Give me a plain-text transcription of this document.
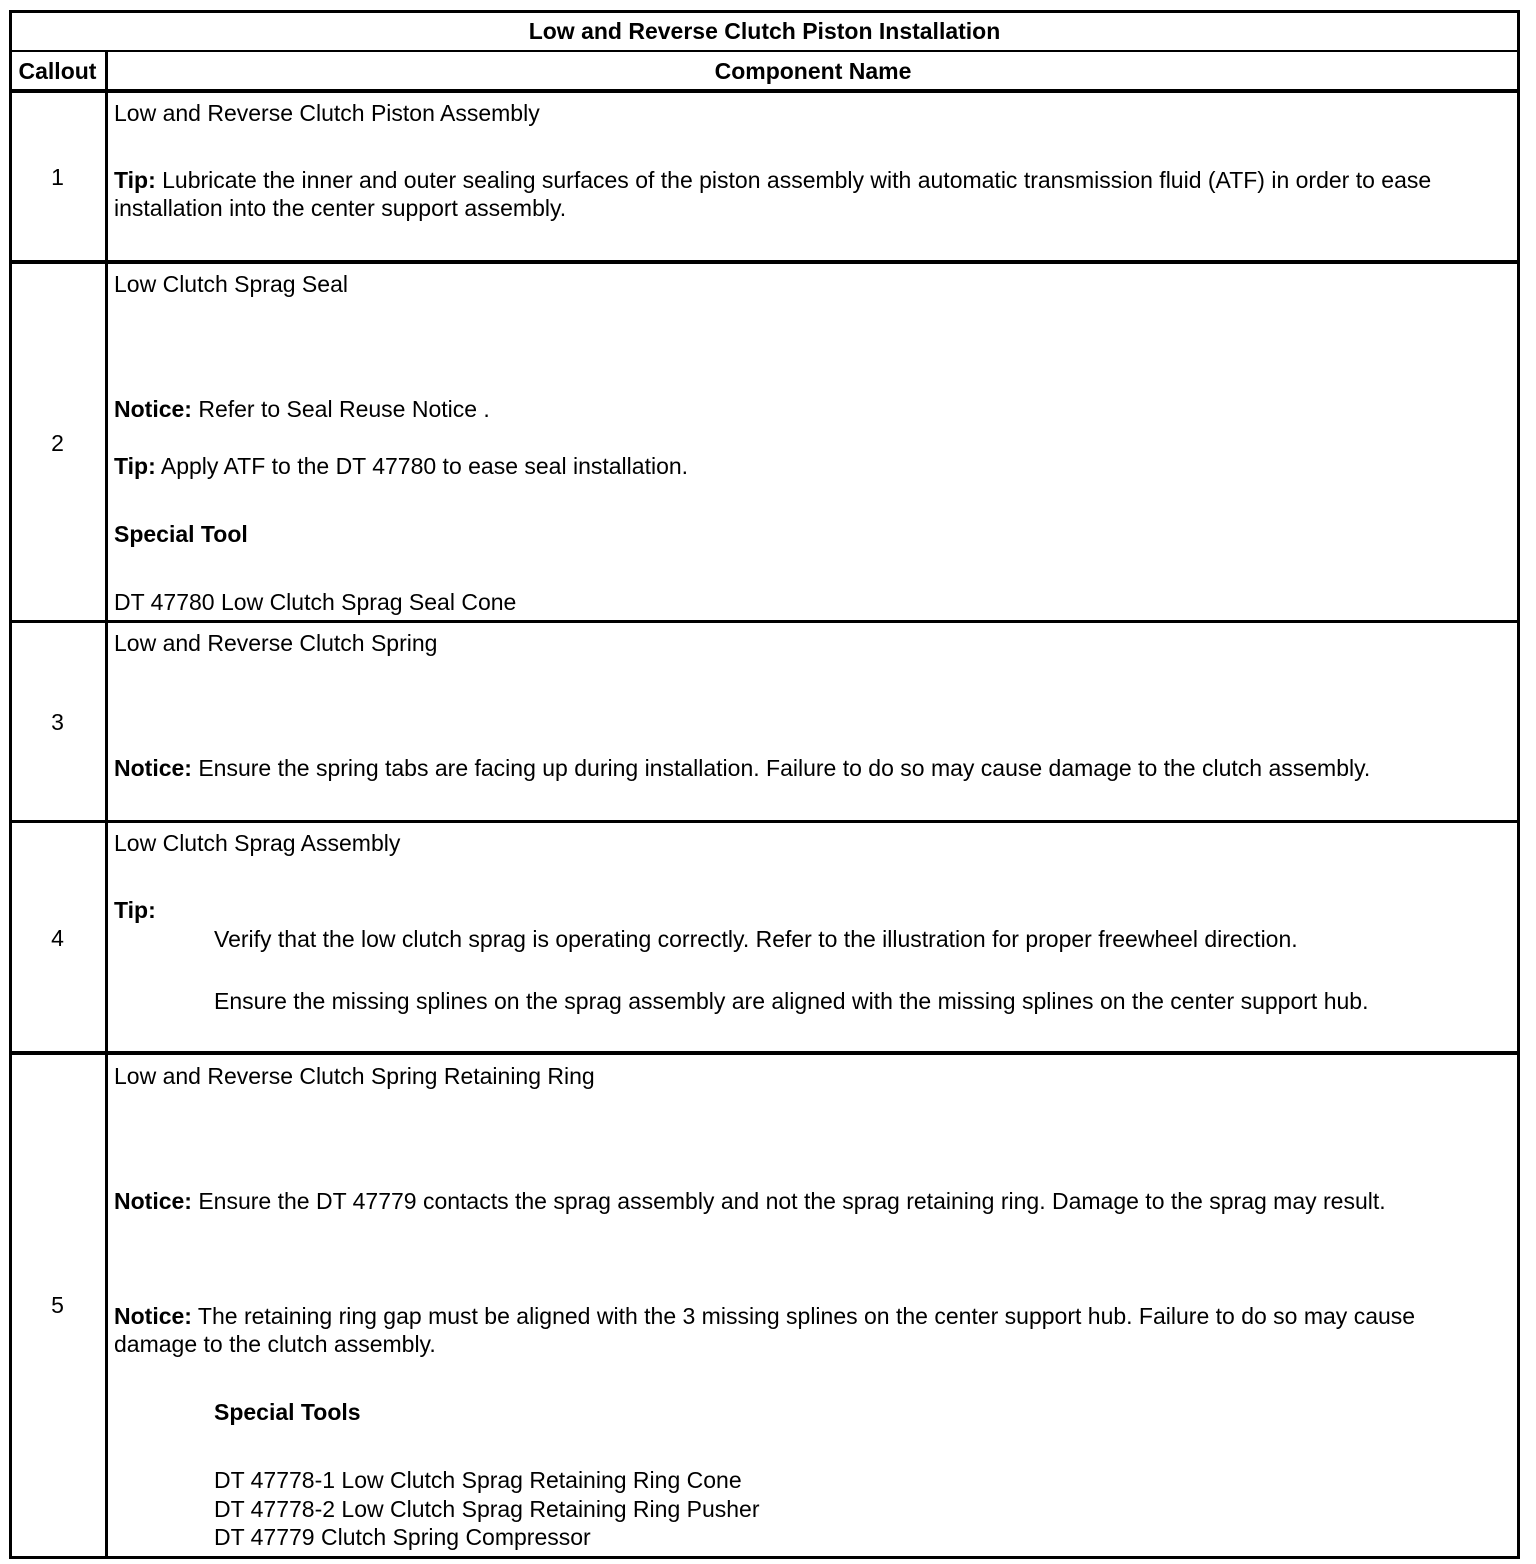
Low and Reverse Clutch Piston Installation
Callout	Component Name
1
Low and Reverse Clutch Piston Assembly
Tip: Lubricate the inner and outer sealing surfaces of the piston assembly with automatic transmission fluid (ATF) in order to ease installation into the center support assembly.
2
Low Clutch Sprag Seal
Notice: Refer to Seal Reuse Notice .
Tip: Apply ATF to the DT 47780 to ease seal installation.
Special Tool
DT 47780 Low Clutch Sprag Seal Cone
3
Low and Reverse Clutch Spring
Notice: Ensure the spring tabs are facing up during installation. Failure to do so may cause damage to the clutch assembly.
4
Low Clutch Sprag Assembly
Tip:
Verify that the low clutch sprag is operating correctly. Refer to the illustration for proper freewheel direction.
Ensure the missing splines on the sprag assembly are aligned with the missing splines on the center support hub.
5
Low and Reverse Clutch Spring Retaining Ring
Notice: Ensure the DT 47779 contacts the sprag assembly and not the sprag retaining ring. Damage to the sprag may result.
Notice: The retaining ring gap must be aligned with the 3 missing splines on the center support hub. Failure to do so may cause damage to the clutch assembly.
Special Tools
DT 47778-1 Low Clutch Sprag Retaining Ring Cone
DT 47778-2 Low Clutch Sprag Retaining Ring Pusher
DT 47779 Clutch Spring Compressor
